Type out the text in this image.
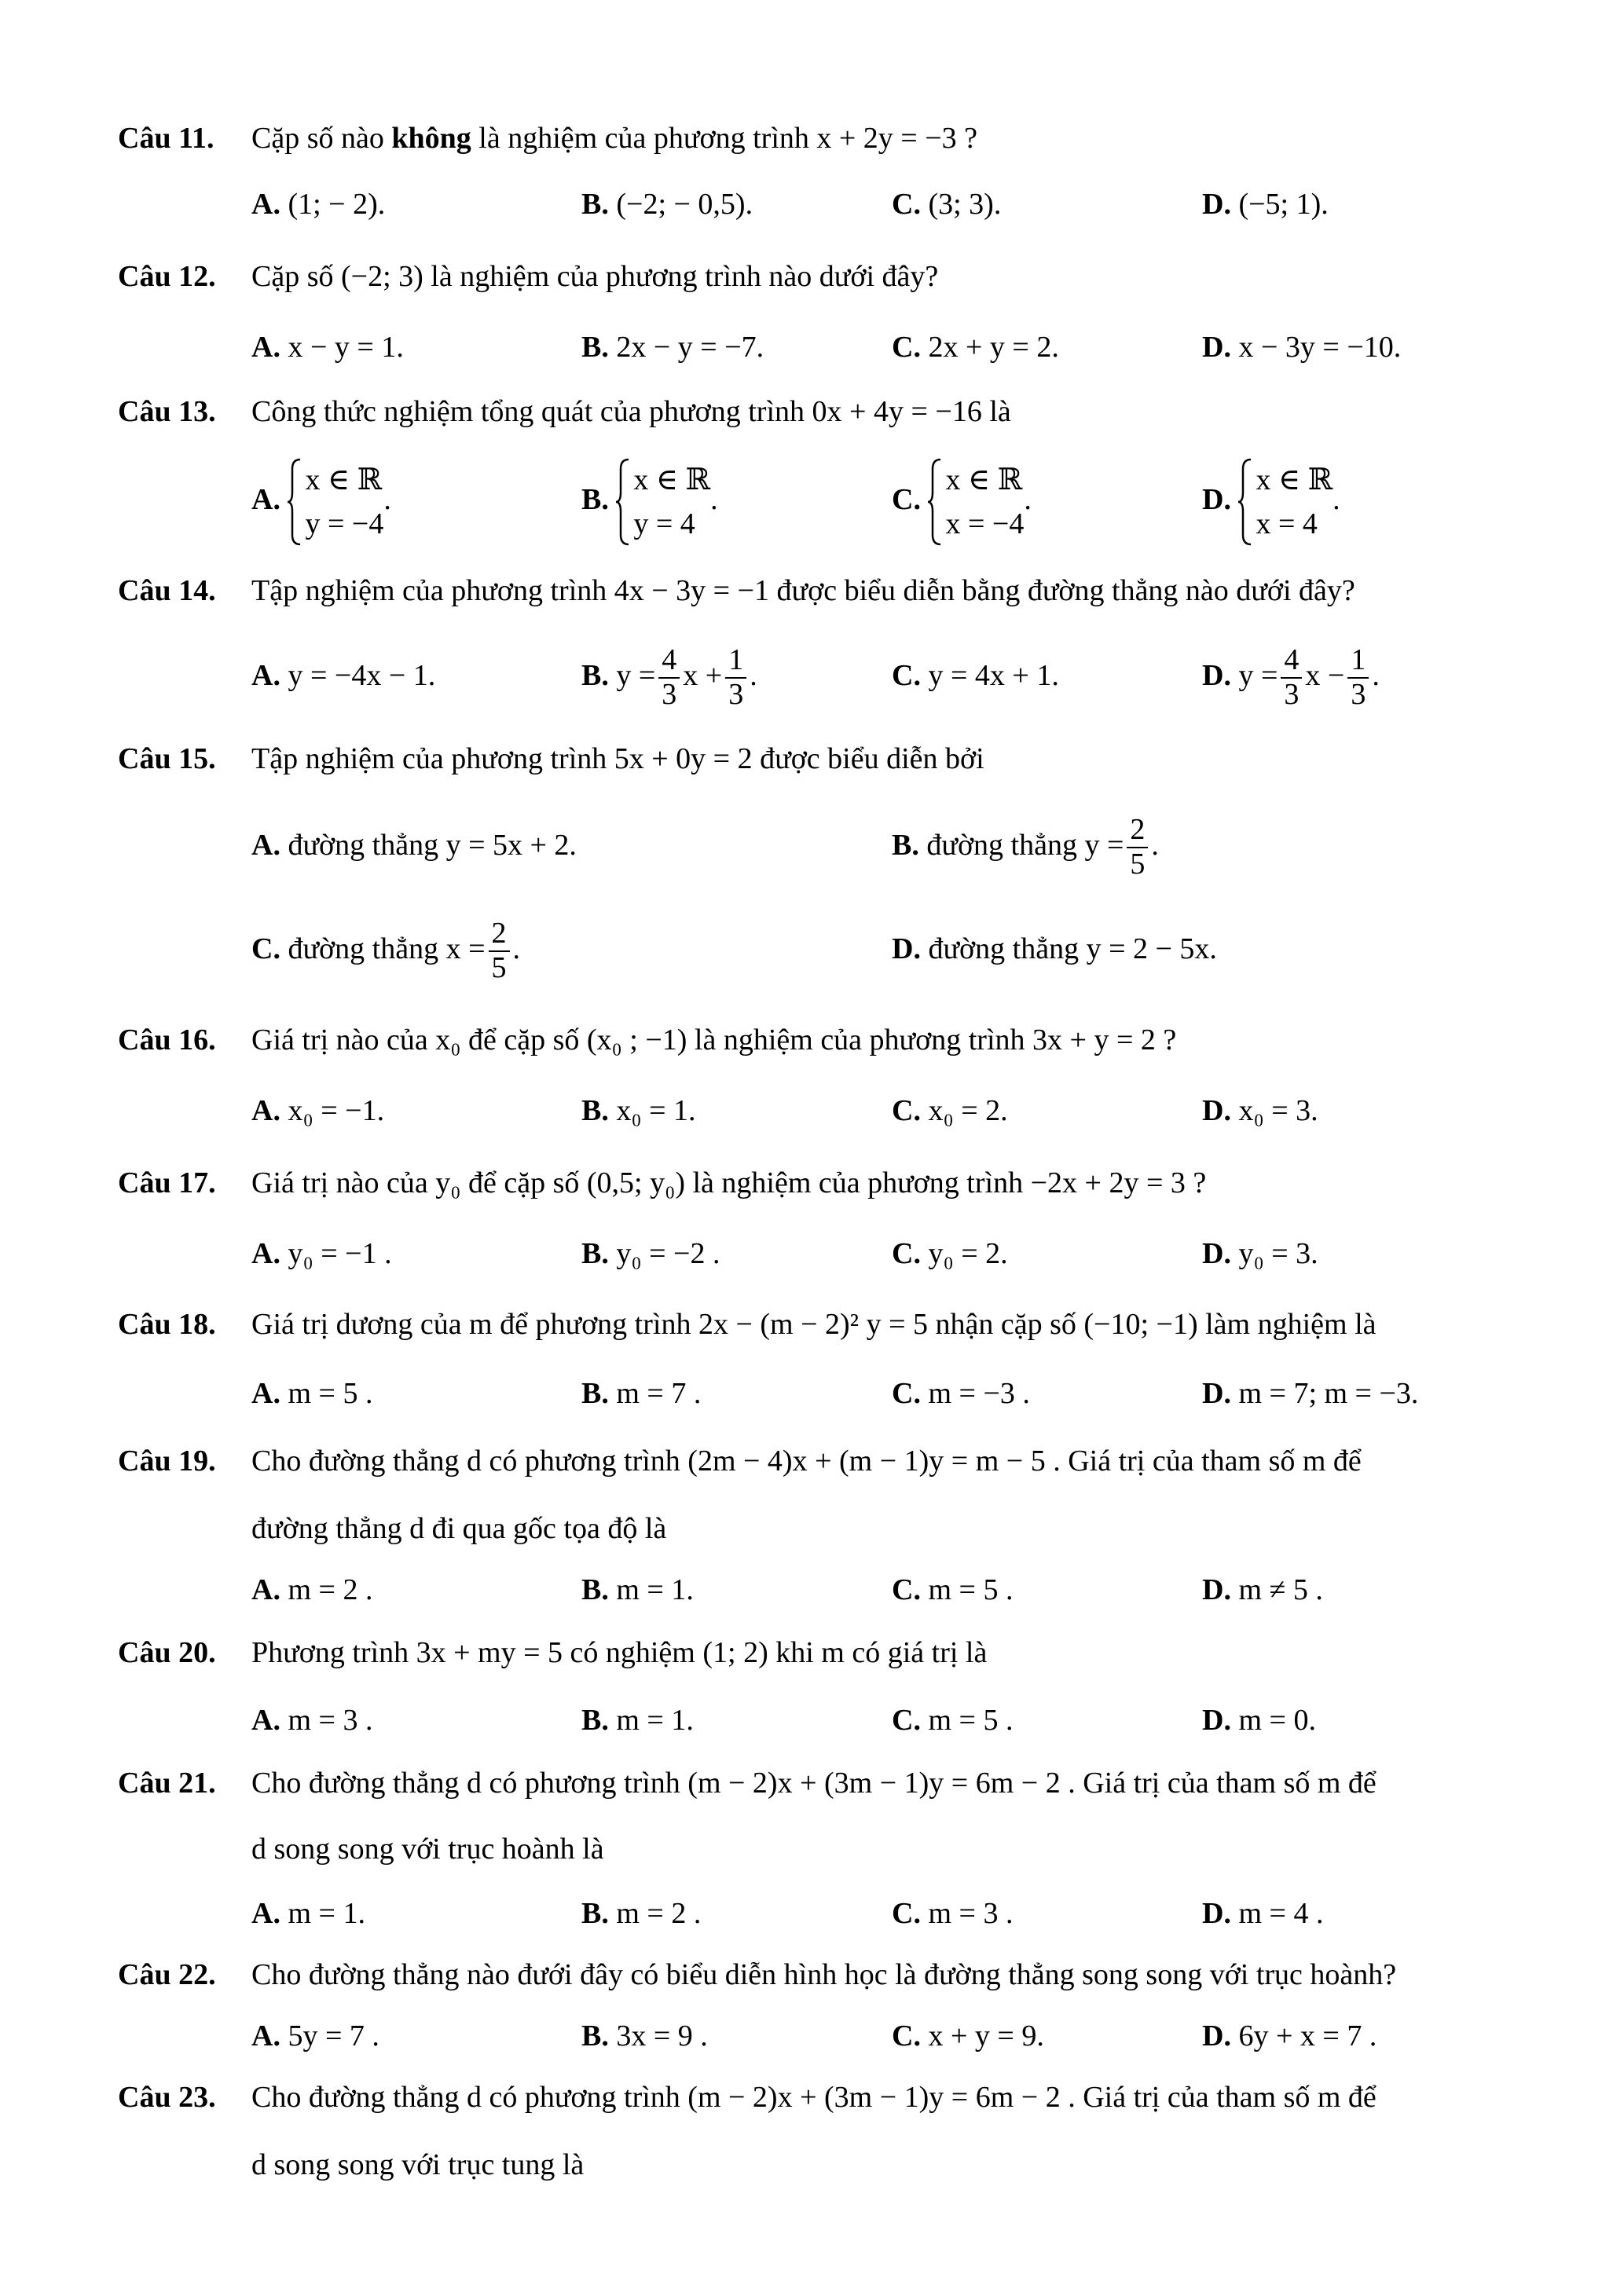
Câu 11. Cặp số nào không là nghiệm của phương trình x + 2y = −3 ?
A. (1; − 2).	B. (−2; − 0,5).	C. (3; 3).	D. (−5; 1).
Câu 12. Cặp số (−2; 3) là nghiệm của phương trình nào dưới đây?
A. x − y = 1.	B. 2x − y = −7.	C. 2x + y = 2.	D. x − 3y = −10.
Câu 13. Công thức nghiệm tổng quát của phương trình 0x + 4y = −16 là
A.
x ∈ ℝ
y = −4
.	B.
x ∈ ℝ
y = 4
.	C.
x ∈ ℝ
x = −4
.	D.
x ∈ ℝ
x = 4
.
Câu 14. Tập nghiệm của phương trình 4x − 3y = −1 được biểu diễn bằng đường thẳng nào dưới đây?
A. y = −4x − 1.	B. $y = \frac{4}{3}$ $x + \frac{1}{3}$ .	C. y = 4x + 1.	D. $y = \frac{4}{3}$ $x - \frac{1}{3}$ .
Câu 15. Tập nghiệm của phương trình 5x + 0y = 2 được biểu diễn bởi
A. đường thẳng y = 5x + 2.	B. đường thẳng $y = \frac{2}{5}$ .
C. đường thẳng $x = \frac{2}{5}$ .	D. đường thẳng y = 2 − 5x.
Câu 16. Giá trị nào của x₀ để cặp số (x₀ ; −1) là nghiệm của phương trình 3x + y = 2 ?
A. x₀ = −1.	B. x₀ = 1.	C. x₀ = 2.	D. x₀ = 3.
Câu 17. Giá trị nào của y₀ để cặp số (0,5; y₀) là nghiệm của phương trình −2x + 2y = 3 ?
A. y₀ = −1 .	B. y₀ = −2 .	C. y₀ = 2.	D. y₀ = 3.
Câu 18. Giá trị dương của m để phương trình 2x − (m − 2)² y = 5 nhận cặp số (−10; −1) làm nghiệm là
A. m = 5 .	B. m = 7 .	C. m = −3 .	D. m = 7; m = −3.
Câu 19. Cho đường thẳng d có phương trình (2m − 4)x + (m − 1)y = m − 5 . Giá trị của tham số m để
đường thẳng d đi qua gốc tọa độ là
A. m = 2 .	B. m = 1.	C. m = 5 .	D. m ≠ 5 .
Câu 20. Phương trình 3x + my = 5 có nghiệm (1; 2) khi m có giá trị là
A. m = 3 .	B. m = 1.	C. m = 5 .	D. m = 0.
Câu 21. Cho đường thẳng d có phương trình (m − 2)x + (3m − 1)y = 6m − 2 . Giá trị của tham số m để
d song song với trục hoành là
A. m = 1.	B. m = 2 .	C. m = 3 .	D. m = 4 .
Câu 22. Cho đường thẳng nào đưới đây có biểu diễn hình học là đường thẳng song song với trục hoành?
A. 5y = 7 .	B. 3x = 9 .	C. x + y = 9.	D. 6y + x = 7 .
Câu 23. Cho đường thẳng d có phương trình (m − 2)x + (3m − 1)y = 6m − 2 . Giá trị của tham số m để
d song song với trục tung là
